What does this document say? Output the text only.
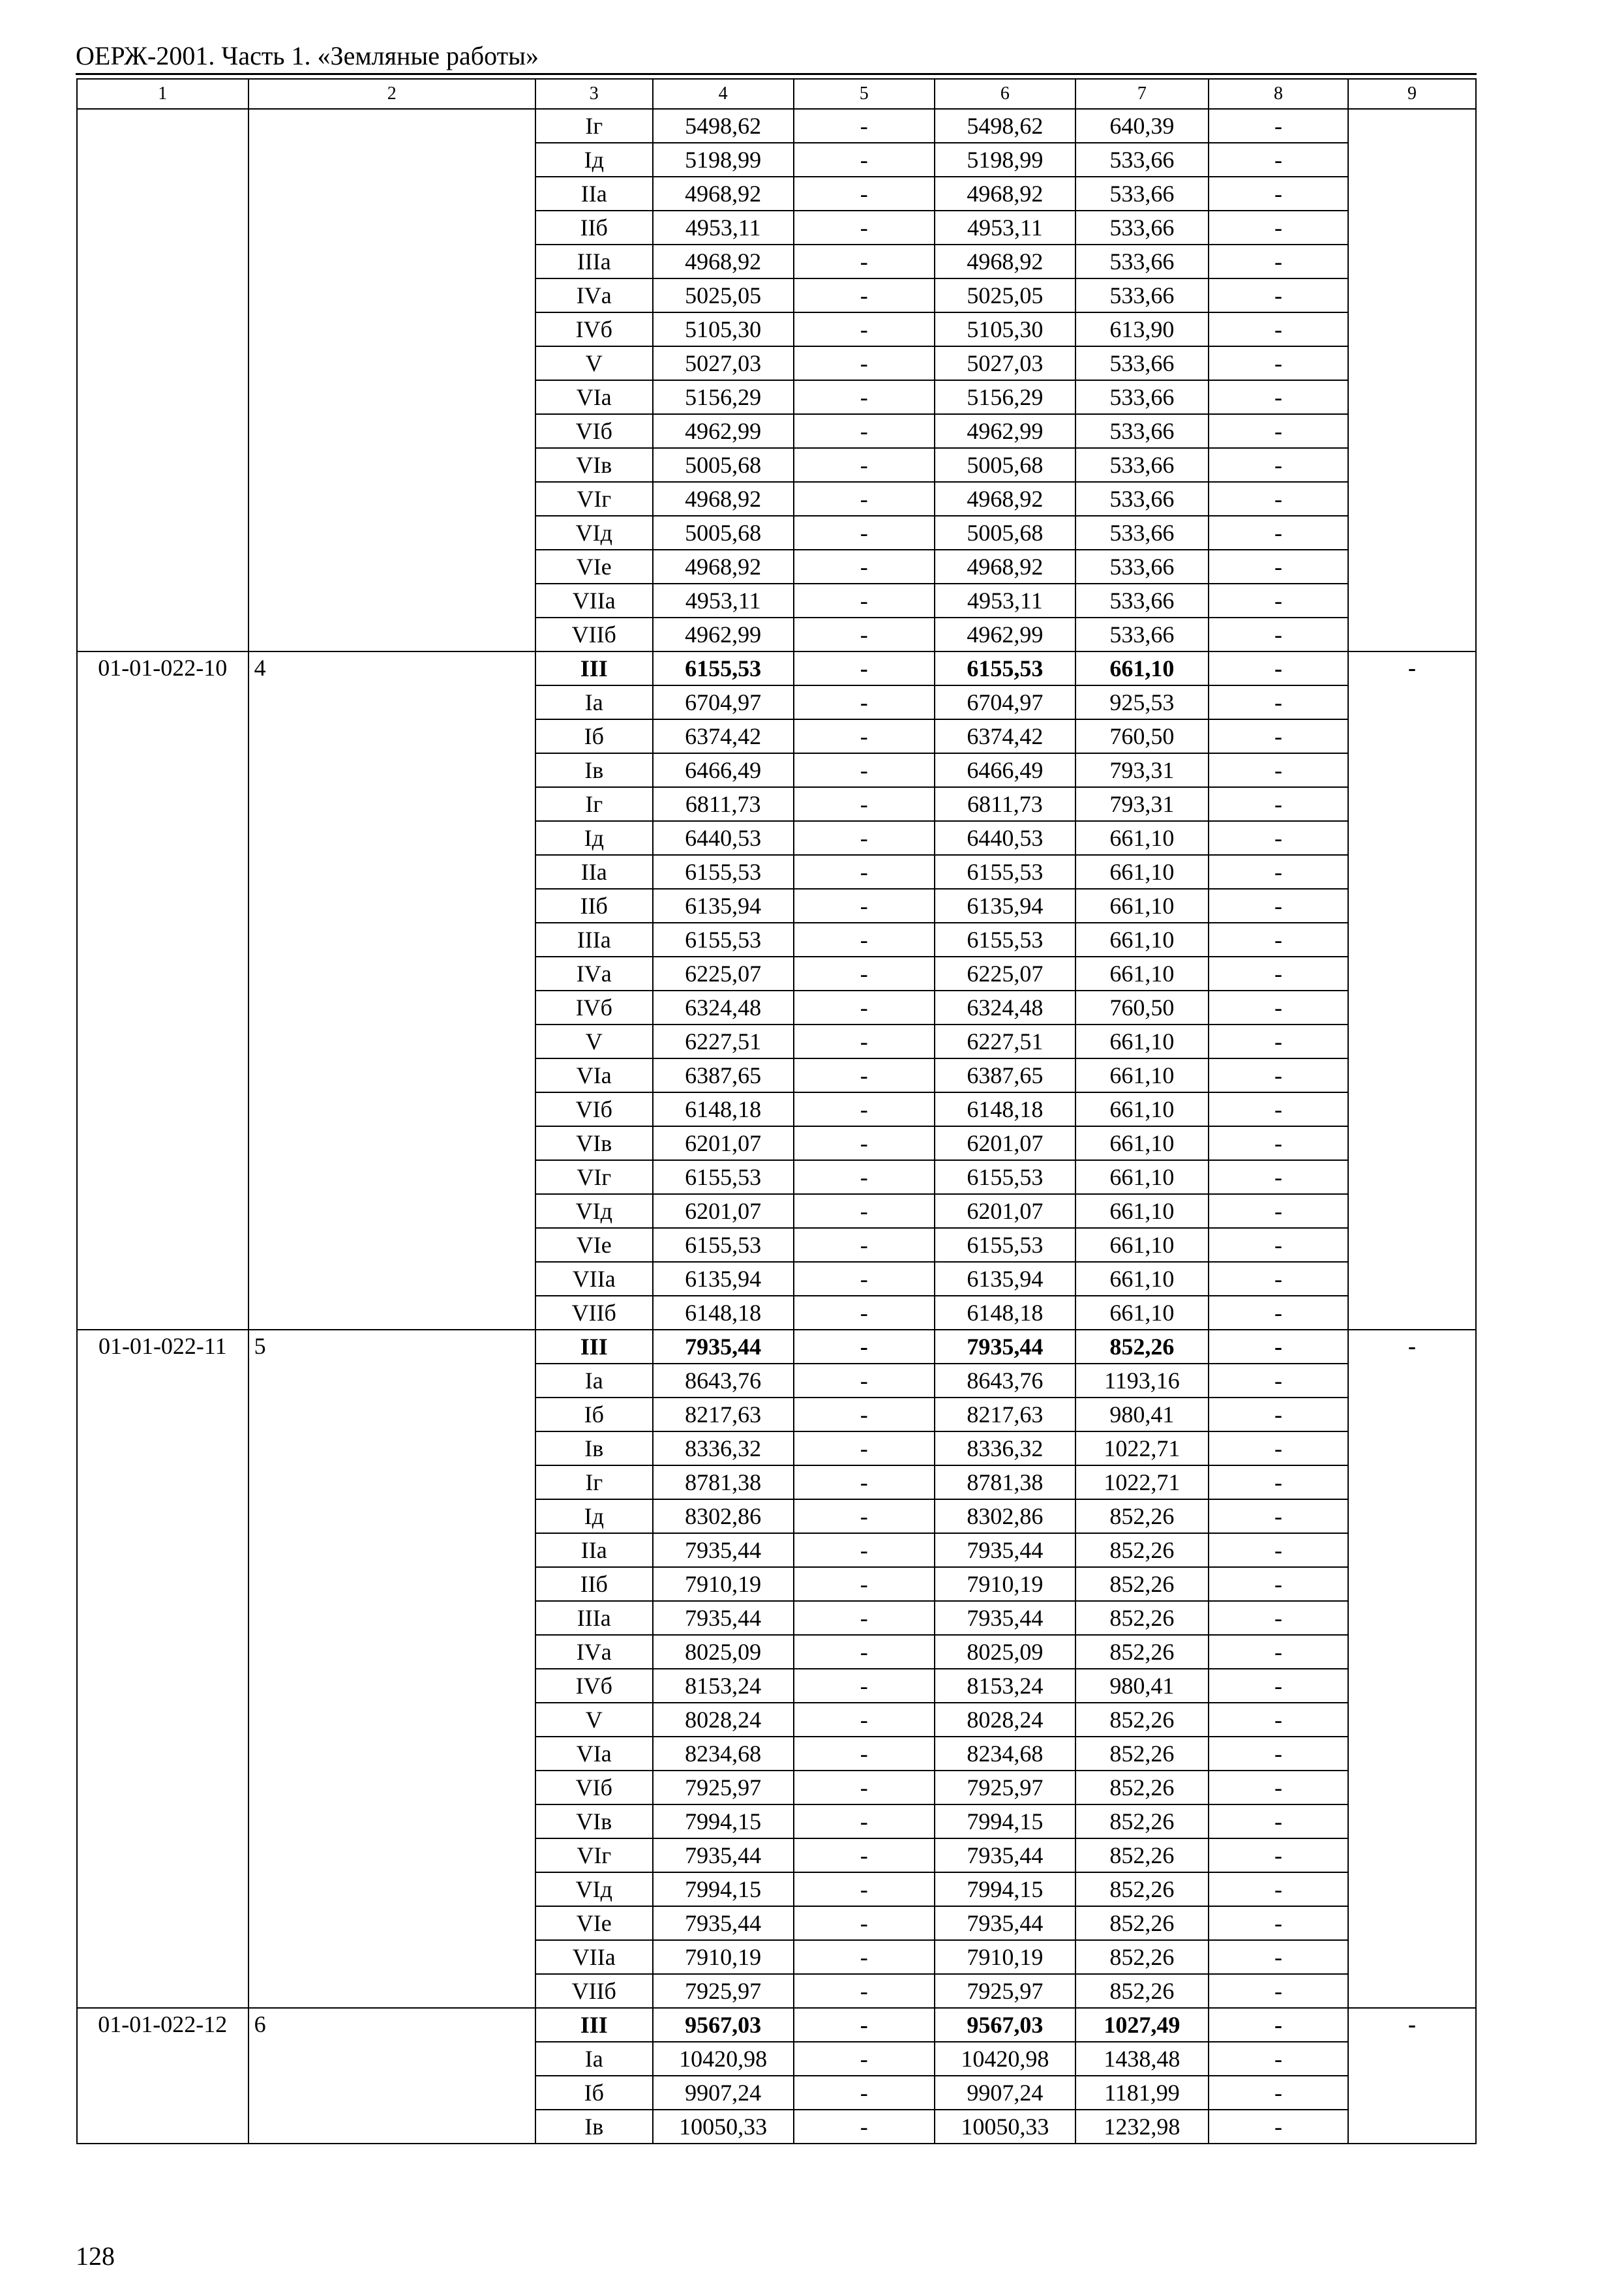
ОЕРЖ-2001. Часть 1. «Земляные работы»
1	2	3	4	5	6	7	8	9
		Iг	5498,62	-	5498,62	640,39	-	
		Iд	5198,99	-	5198,99	533,66	-	
		IIа	4968,92	-	4968,92	533,66	-	
		IIб	4953,11	-	4953,11	533,66	-	
		IIIа	4968,92	-	4968,92	533,66	-	
		IVа	5025,05	-	5025,05	533,66	-	
		IVб	5105,30	-	5105,30	613,90	-	
		V	5027,03	-	5027,03	533,66	-	
		VIа	5156,29	-	5156,29	533,66	-	
		VIб	4962,99	-	4962,99	533,66	-	
		VIв	5005,68	-	5005,68	533,66	-	
		VIг	4968,92	-	4968,92	533,66	-	
		VIд	5005,68	-	5005,68	533,66	-	
		VIе	4968,92	-	4968,92	533,66	-	
		VIIа	4953,11	-	4953,11	533,66	-	
		VIIб	4962,99	-	4962,99	533,66	-	
01-01-022-10	4	III	6155,53	-	6155,53	661,10	-	-
		Iа	6704,97	-	6704,97	925,53	-	
		Iб	6374,42	-	6374,42	760,50	-	
		Iв	6466,49	-	6466,49	793,31	-	
		Iг	6811,73	-	6811,73	793,31	-	
		Iд	6440,53	-	6440,53	661,10	-	
		IIа	6155,53	-	6155,53	661,10	-	
		IIб	6135,94	-	6135,94	661,10	-	
		IIIа	6155,53	-	6155,53	661,10	-	
		IVа	6225,07	-	6225,07	661,10	-	
		IVб	6324,48	-	6324,48	760,50	-	
		V	6227,51	-	6227,51	661,10	-	
		VIа	6387,65	-	6387,65	661,10	-	
		VIб	6148,18	-	6148,18	661,10	-	
		VIв	6201,07	-	6201,07	661,10	-	
		VIг	6155,53	-	6155,53	661,10	-	
		VIд	6201,07	-	6201,07	661,10	-	
		VIе	6155,53	-	6155,53	661,10	-	
		VIIа	6135,94	-	6135,94	661,10	-	
		VIIб	6148,18	-	6148,18	661,10	-	
01-01-022-11	5	III	7935,44	-	7935,44	852,26	-	-
		Iа	8643,76	-	8643,76	1193,16	-	
		Iб	8217,63	-	8217,63	980,41	-	
		Iв	8336,32	-	8336,32	1022,71	-	
		Iг	8781,38	-	8781,38	1022,71	-	
		Iд	8302,86	-	8302,86	852,26	-	
		IIа	7935,44	-	7935,44	852,26	-	
		IIб	7910,19	-	7910,19	852,26	-	
		IIIа	7935,44	-	7935,44	852,26	-	
		IVа	8025,09	-	8025,09	852,26	-	
		IVб	8153,24	-	8153,24	980,41	-	
		V	8028,24	-	8028,24	852,26	-	
		VIа	8234,68	-	8234,68	852,26	-	
		VIб	7925,97	-	7925,97	852,26	-	
		VIв	7994,15	-	7994,15	852,26	-	
		VIг	7935,44	-	7935,44	852,26	-	
		VIд	7994,15	-	7994,15	852,26	-	
		VIе	7935,44	-	7935,44	852,26	-	
		VIIа	7910,19	-	7910,19	852,26	-	
		VIIб	7925,97	-	7925,97	852,26	-	
01-01-022-12	6	III	9567,03	-	9567,03	1027,49	-	-
		Iа	10420,98	-	10420,98	1438,48	-	
		Iб	9907,24	-	9907,24	1181,99	-	
		Iв	10050,33	-	10050,33	1232,98	-	
128
